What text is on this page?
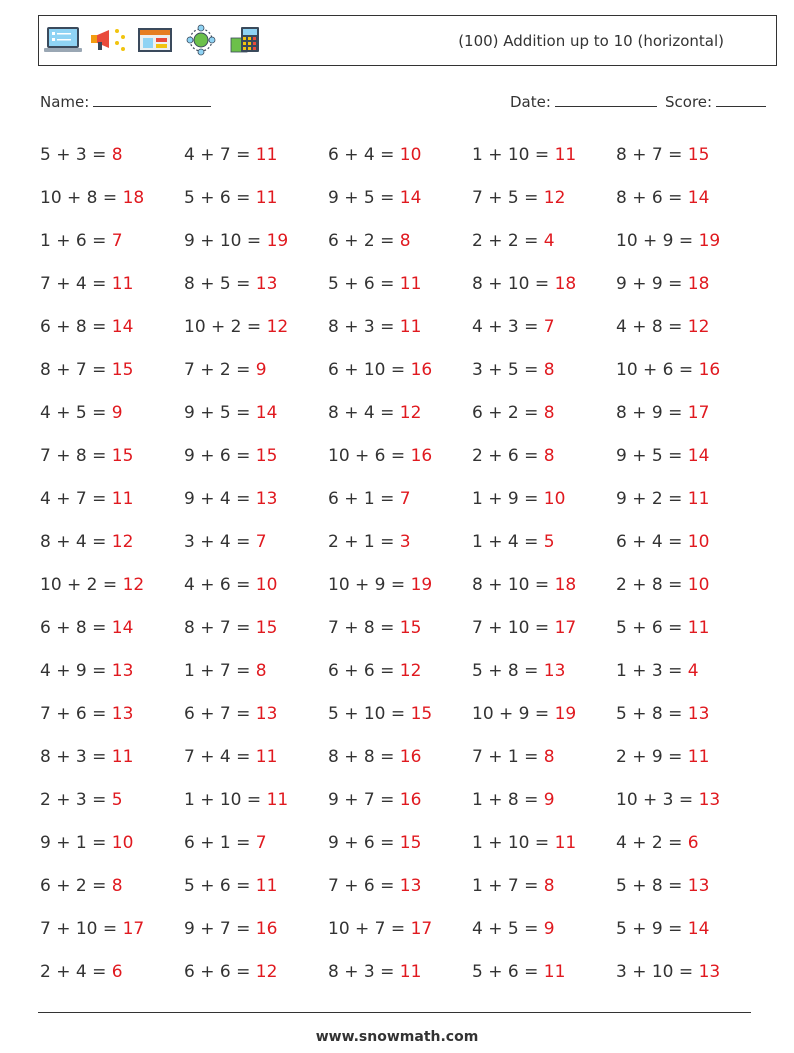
(100) Addition up to 10 (horizontal)
Name:	Date:	Score:
5 + 3 = 8	4 + 7 = 11	6 + 4 = 10	1 + 10 = 11	8 + 7 = 15
10 + 8 = 18	5 + 6 = 11	9 + 5 = 14	7 + 5 = 12	8 + 6 = 14
1 + 6 = 7	9 + 10 = 19	6 + 2 = 8	2 + 2 = 4	10 + 9 = 19
7 + 4 = 11	8 + 5 = 13	5 + 6 = 11	8 + 10 = 18	9 + 9 = 18
6 + 8 = 14	10 + 2 = 12	8 + 3 = 11	4 + 3 = 7	4 + 8 = 12
8 + 7 = 15	7 + 2 = 9	6 + 10 = 16	3 + 5 = 8	10 + 6 = 16
4 + 5 = 9	9 + 5 = 14	8 + 4 = 12	6 + 2 = 8	8 + 9 = 17
7 + 8 = 15	9 + 6 = 15	10 + 6 = 16	2 + 6 = 8	9 + 5 = 14
4 + 7 = 11	9 + 4 = 13	6 + 1 = 7	1 + 9 = 10	9 + 2 = 11
8 + 4 = 12	3 + 4 = 7	2 + 1 = 3	1 + 4 = 5	6 + 4 = 10
10 + 2 = 12	4 + 6 = 10	10 + 9 = 19	8 + 10 = 18	2 + 8 = 10
6 + 8 = 14	8 + 7 = 15	7 + 8 = 15	7 + 10 = 17	5 + 6 = 11
4 + 9 = 13	1 + 7 = 8	6 + 6 = 12	5 + 8 = 13	1 + 3 = 4
7 + 6 = 13	6 + 7 = 13	5 + 10 = 15	10 + 9 = 19	5 + 8 = 13
8 + 3 = 11	7 + 4 = 11	8 + 8 = 16	7 + 1 = 8	2 + 9 = 11
2 + 3 = 5	1 + 10 = 11	9 + 7 = 16	1 + 8 = 9	10 + 3 = 13
9 + 1 = 10	6 + 1 = 7	9 + 6 = 15	1 + 10 = 11	4 + 2 = 6
6 + 2 = 8	5 + 6 = 11	7 + 6 = 13	1 + 7 = 8	5 + 8 = 13
7 + 10 = 17	9 + 7 = 16	10 + 7 = 17	4 + 5 = 9	5 + 9 = 14
2 + 4 = 6	6 + 6 = 12	8 + 3 = 11	5 + 6 = 11	3 + 10 = 13
www.snowmath.com
